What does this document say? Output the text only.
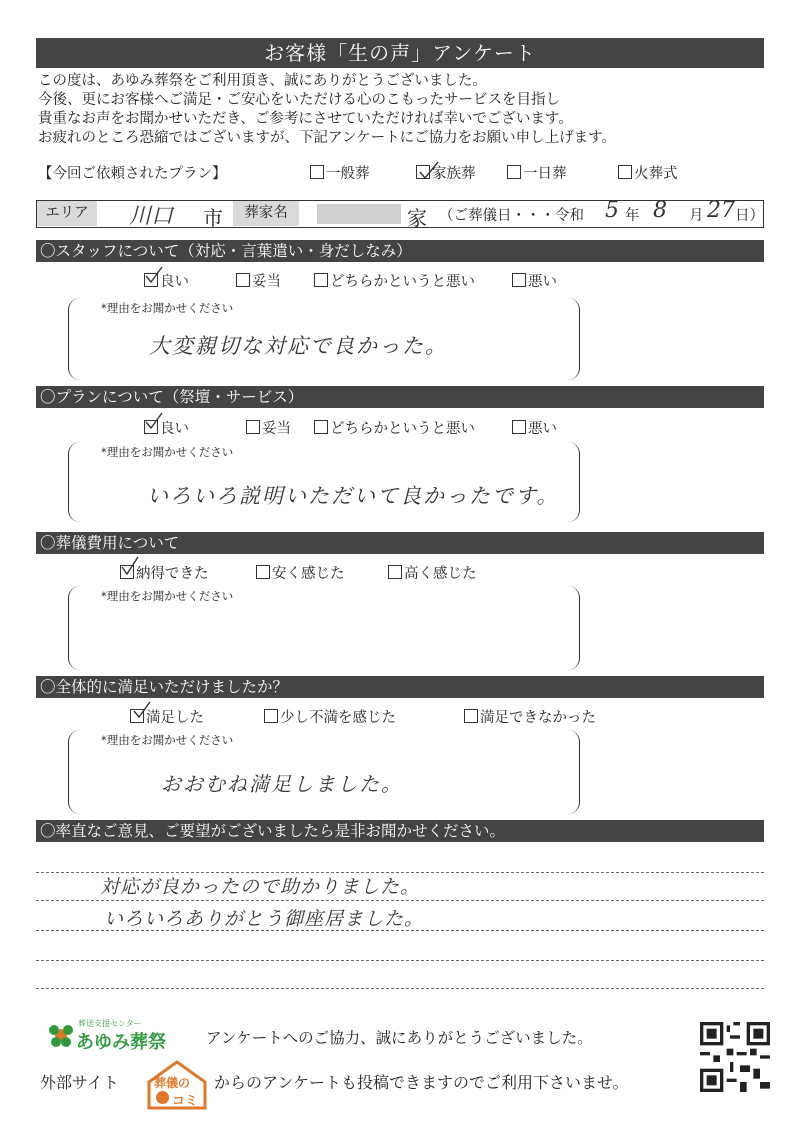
お客様「生の声」アンケート
この度は、あゆみ葬祭をご利用頂き、誠にありがとうございました。
今後、更にお客様へご満足・ご安心をいただける心のこもったサービスを目指し
貴重なお声をお聞かせいただき、ご参考にさせていただければ幸いでございます。
お疲れのところ恐縮ではございますが、下記アンケートにご協力をお願い申し上げます。
【今回ご依頼されたプラン】	一般葬	家族葬	一日葬	火葬式
エリア	川口 市	葬家名	家 （ご葬儀日・・・令和 5 年 8 月 27 日）
〇スタッフについて（対応・言葉遣い・身だしなみ）
良い	妥当	どちらかというと悪い	悪い
*理由をお聞かせください
大変親切な対応で良かった。
〇プランについて（祭壇・サービス）
良い	妥当	どちらかというと悪い	悪い
*理由をお聞かせください
いろいろ説明いただいて良かったです。
〇葬儀費用について
納得できた	安く感じた	高く感じた
*理由をお聞かせください
〇全体的に満足いただけましたか？
満足した	少し不満を感じた	満足できなかった
*理由をお聞かせください
おおむね満足しました。
〇率直なご意見、ご要望がございましたら是非お聞かせください。
対応が良かったので助かりました。
いろいろありがとう御座居ました。
葬送支援センター
あゆみ葬祭	アンケートへのご協力、誠にありがとうございました。
外部サイト	葬儀の
コミ
からのアンケートも投稿できますのでご利用下さいませ。
